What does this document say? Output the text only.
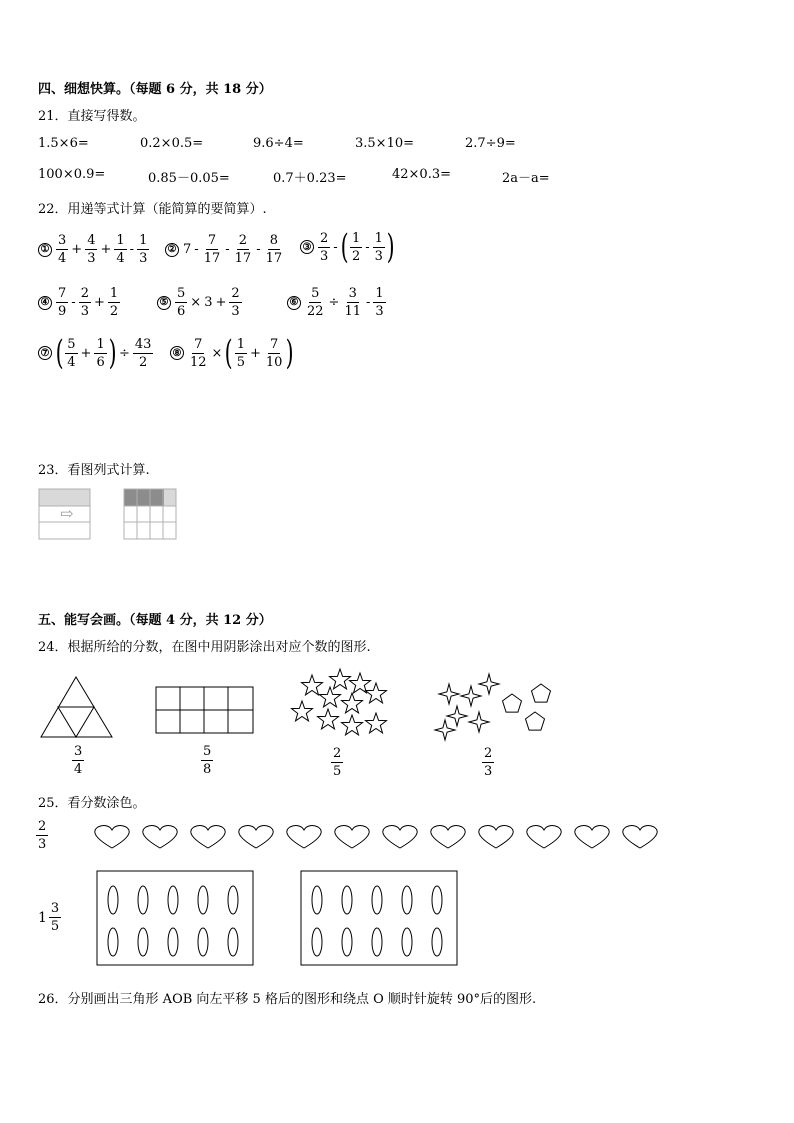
四、细想快算。（每题 6 分，共 18 分）
21．直接写得数。
1.5×6=	0.2×0.5=	9.6÷4=	3.5×10=	2.7÷9=
100×0.9=	0.85－0.05=	0.7＋0.23=	42×0.3=	2a－a=
22．用递等式计算（能简算的要简算）.
① $\frac{3}{4} + \frac{4}{3} + \frac{1}{4} - \frac{1}{3}$ ② $7 - \frac{7}{17} - \frac{2}{17} - \frac{8}{17}$ ③ $\frac{2}{3}$ - ( $\frac{1}{2} - \frac{1}{3}$ )
④ $\frac{7}{9} - \frac{2}{3} + \frac{1}{2}$	⑤ $\frac{5}{6} \times 3 + \frac{2}{3}$	⑥ $\frac{5}{22} \div \frac{3}{11} - \frac{1}{3}$
⑦ ( $\frac{5}{4} + \frac{1}{6}$ ) ÷ $\frac{43}{2}$ ⑧ $\frac{7}{12}$ × ( $\frac{1}{5} + \frac{7}{10}$ )
23．看图列式计算.
⇨
五、能写会画。（每题 4 分，共 12 分）
24．根据所给的分数，在图中用阴影涂出对应个数的图形.
$\frac{3}{4}$	$\frac{5}{8}$	$\frac{2}{5}$	$\frac{2}{3}$
25．看分数涂色。
$\frac{2}{3}$
$1 \frac{3}{5}$
26．分别画出三角形 AOB 向左平移 5 格后的图形和绕点 O 顺时针旋转 90°后的图形.
